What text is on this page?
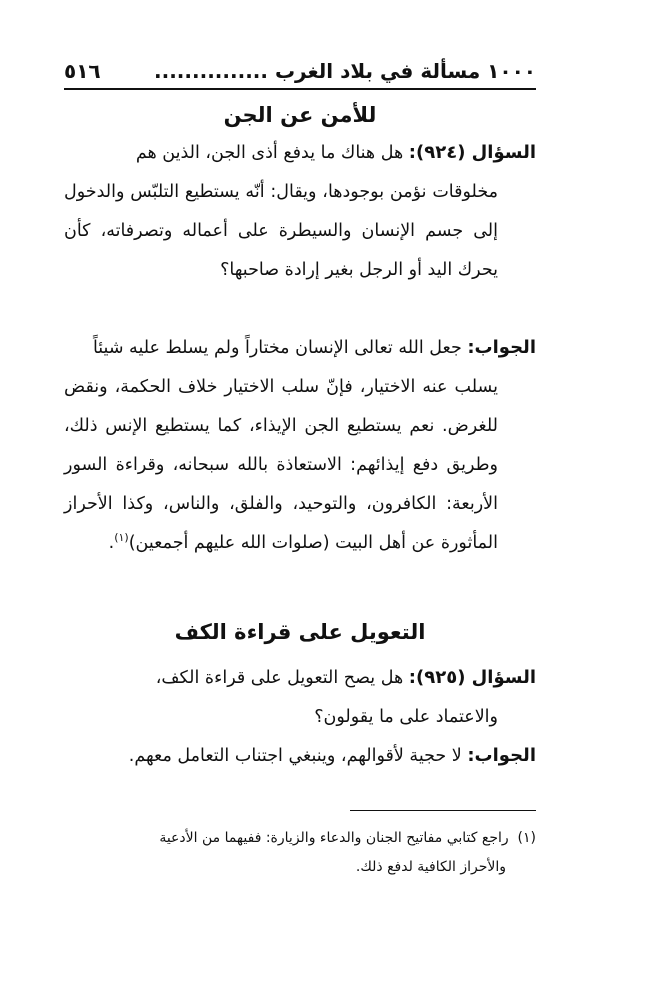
١٠٠٠ مسألة في بلاد الغرب ...............
٥١٦
للأمن عن الجن
السؤال (٩٢٤): هل هناك ما يدفع أذى الجن، الذين هم
مخلوقات نؤمن بوجودها، ويقال: أنّه يستطيع التلبّس والدخول إلى جسم الإنسان والسيطرة على أعماله وتصرفاته، كأن يحرك اليد أو الرجل بغير إرادة صاحبها؟
الجواب: جعل الله تعالى الإنسان مختاراً ولم يسلط عليه شيئاً
يسلب عنه الاختيار، فإنّ سلب الاختيار خلاف الحكمة، ونقض للغرض. نعم يستطيع الجن الإيذاء، كما يستطيع الإنس ذلك، وطريق دفع إيذائهم: الاستعاذة بالله سبحانه، وقراءة السور الأربعة: الكافرون، والتوحيد، والفلق، والناس، وكذا الأحراز المأثورة عن أهل البيت (صلوات الله عليهم أجمعين)$^{(١)}$.
التعويل على قراءة الكف
السؤال (٩٢٥): هل يصح التعويل على قراءة الكف،
والاعتماد على ما يقولون؟
الجواب: لا حجية لأقوالهم، وينبغي اجتناب التعامل معهم.
(١)  راجع كتابي مفاتيح الجنان والدعاء والزيارة: ففيهما من الأدعية
والأحراز الكافية لدفع ذلك.
